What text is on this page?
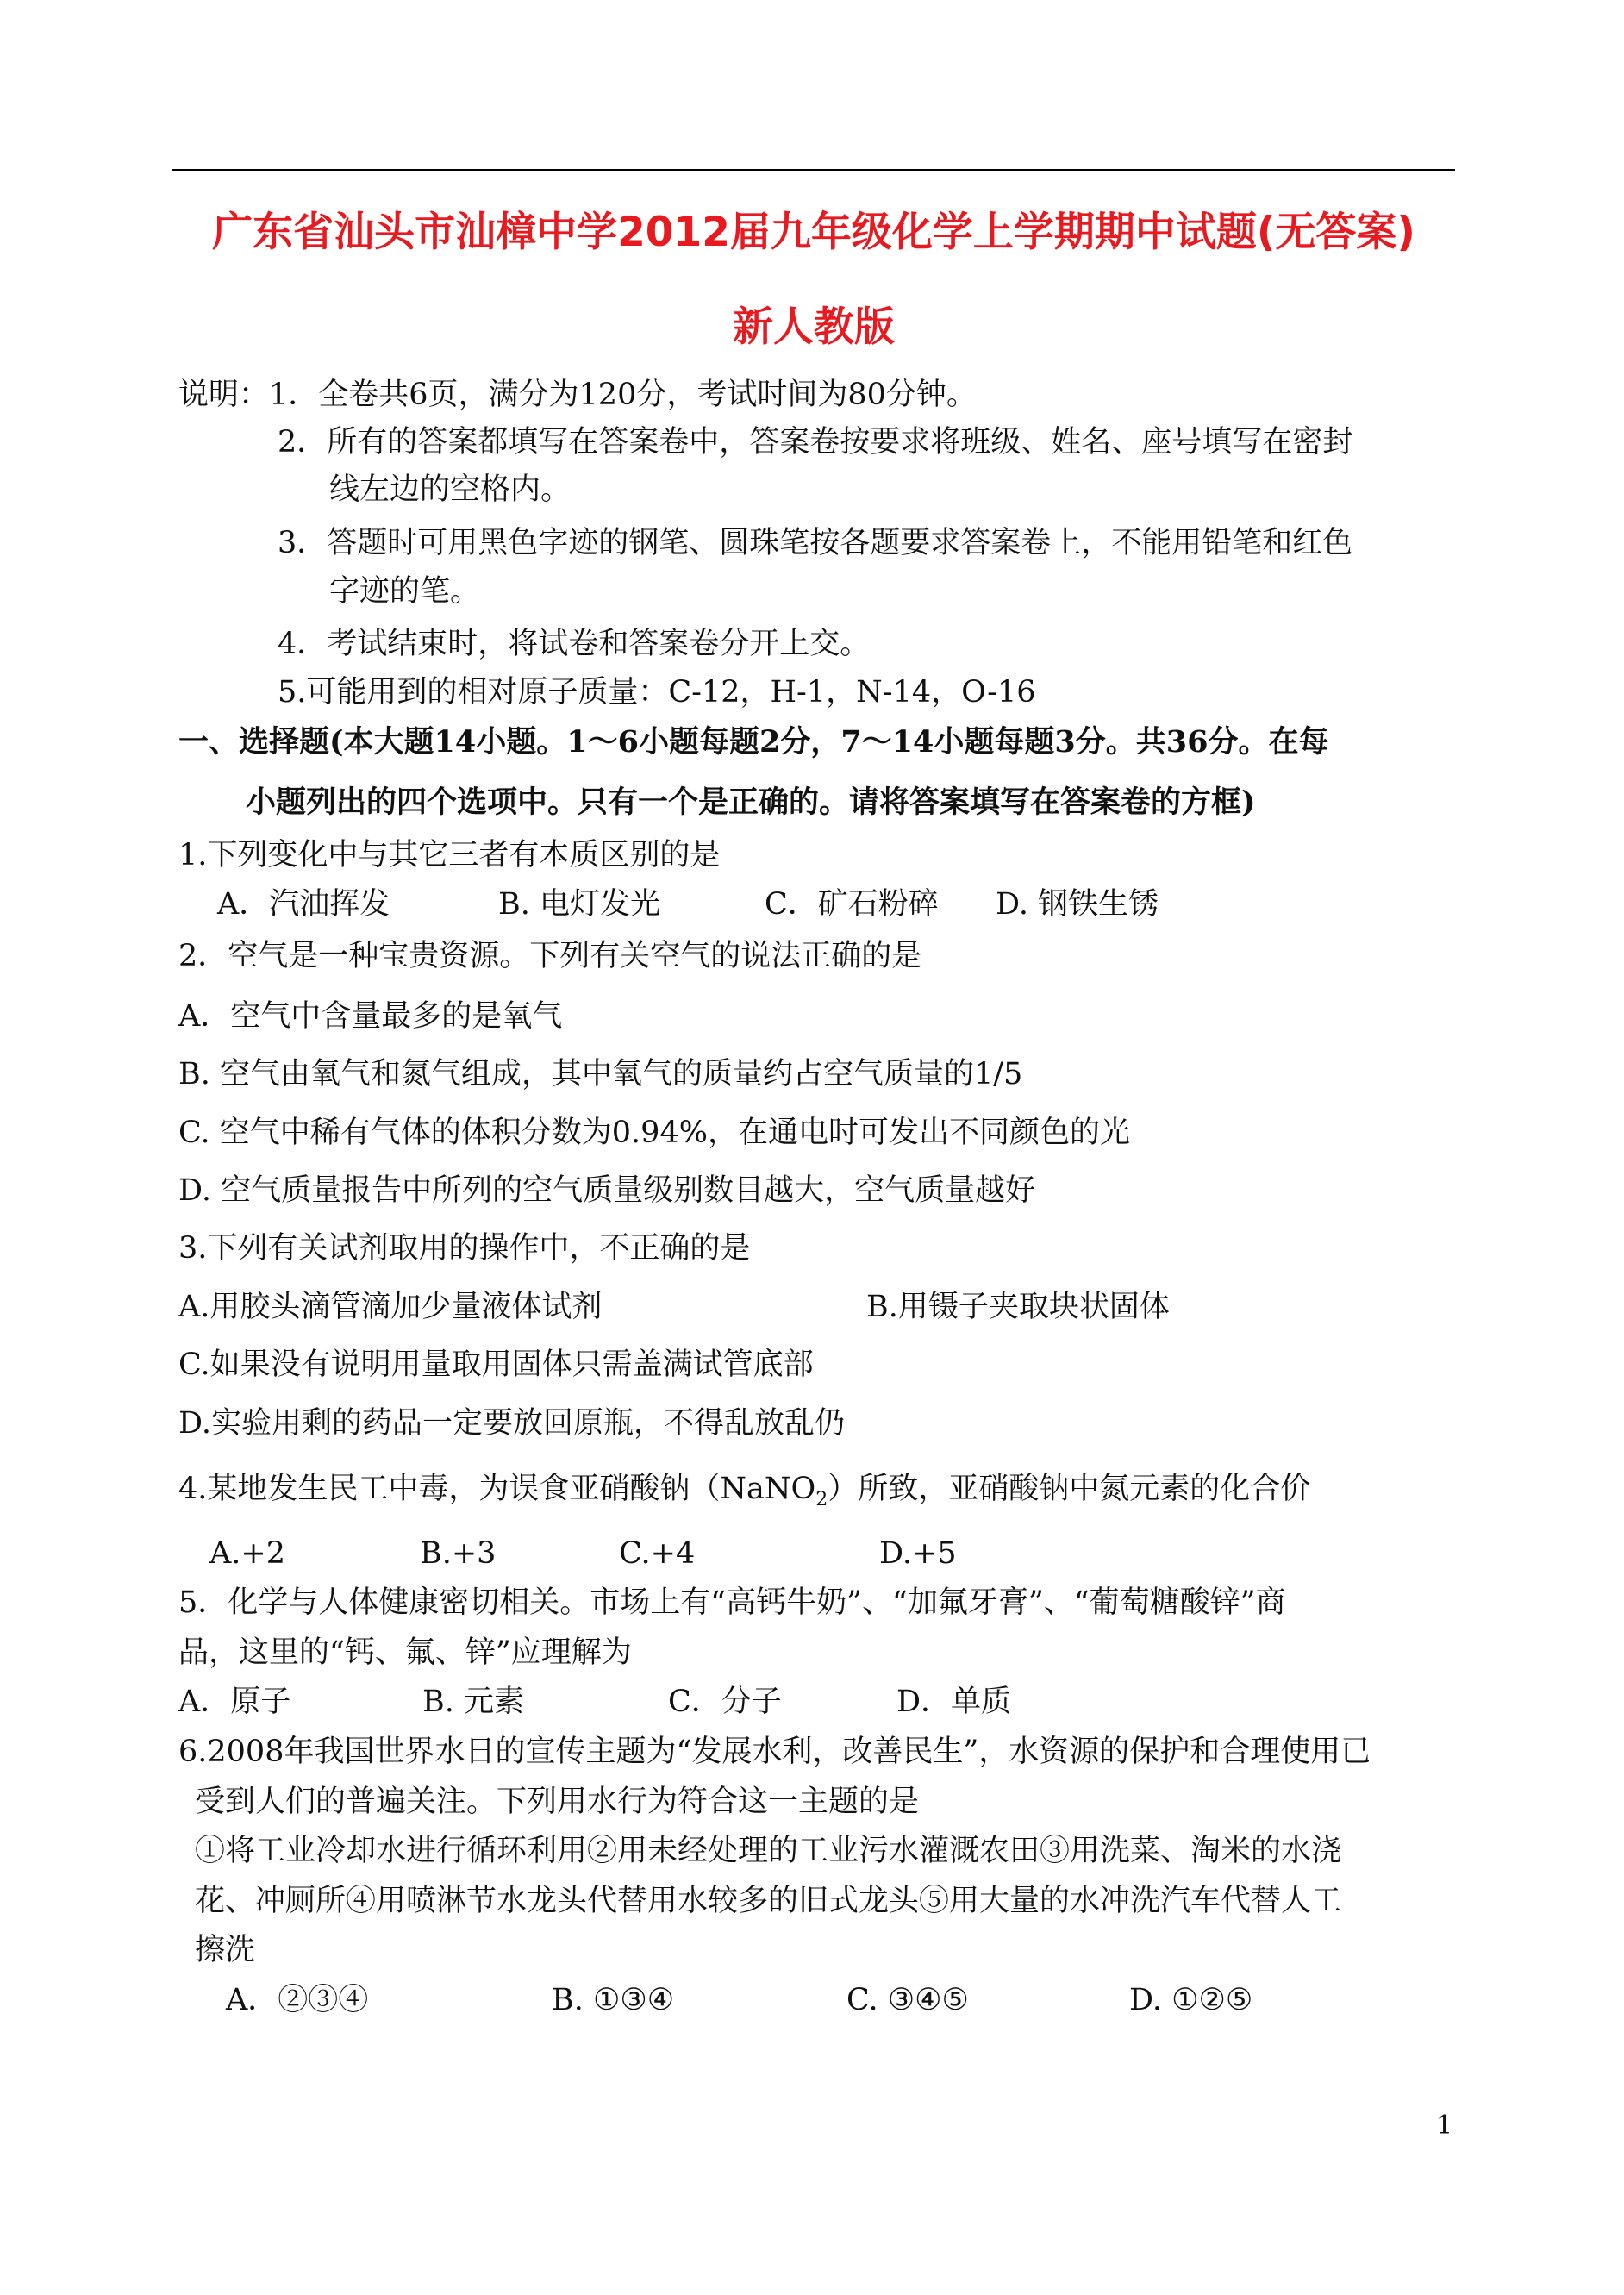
广东省汕头市汕樟中学2012届九年级化学上学期期中试题(无答案)
新人教版
说明：1．全卷共6页，满分为120分，考试时间为80分钟。
2．所有的答案都填写在答案卷中，答案卷按要求将班级、姓名、座号填写在密封
线左边的空格内。
3．答题时可用黑色字迹的钢笔、圆珠笔按各题要求答案卷上，不能用铅笔和红色
字迹的笔。
4．考试结束时，将试卷和答案卷分开上交。
5.可能用到的相对原子质量：C-12，H-1，N-14，O-16
一、选择题(本大题14小题。1～6小题每题2分，7～14小题每题3分。共36分。在每
小题列出的四个选项中。只有一个是正确的。请将答案填写在答案卷的方框)
1.下列变化中与其它三者有本质区别的是
A．汽油挥发	B. 电灯发光	C．矿石粉碎 D. 钢铁生锈
2．空气是一种宝贵资源。下列有关空气的说法正确的是
A．空气中含量最多的是氧气
B. 空气由氧气和氮气组成，其中氧气的质量约占空气质量的1/5
C. 空气中稀有气体的体积分数为0.94%，在通电时可发出不同颜色的光
D. 空气质量报告中所列的空气质量级别数目越大，空气质量越好
3.下列有关试剂取用的操作中，不正确的是
A.用胶头滴管滴加少量液体试剂	B.用镊子夹取块状固体
C.如果没有说明用量取用固体只需盖满试管底部
D.实验用剩的药品一定要放回原瓶，不得乱放乱仍
4.某地发生民工中毒，为误食亚硝酸钠（NaNO$_2$）所致，亚硝酸钠中氮元素的化合价
A.+2	B.+3	C.+4	D.+5
5．化学与人体健康密切相关。市场上有“高钙牛奶”、“加氟牙膏”、“葡萄糖酸锌”商
品，这里的“钙、氟、锌”应理解为
A．原子	B. 元素	C．分子	D．单质
6.2008年我国世界水日的宣传主题为“发展水利，改善民生”，水资源的保护和合理使用已
受到人们的普遍关注。下列用水行为符合这一主题的是
①将工业冷却水进行循环利用②用未经处理的工业污水灌溉农田③用洗菜、淘米的水浇
花、冲厕所④用喷淋节水龙头代替用水较多的旧式龙头⑤用大量的水冲洗汽车代替人工
擦洗
A．②③④	B. ①③④	C. ③④⑤	D. ①②⑤
1
